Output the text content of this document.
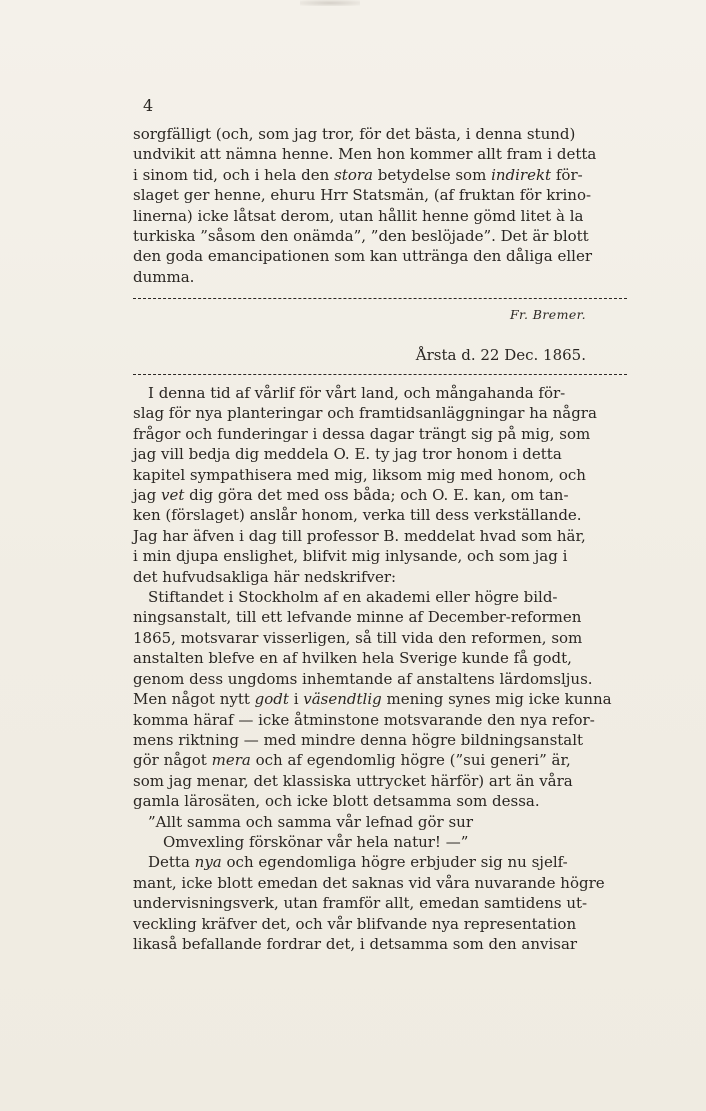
4
sorgfälligt (och, som jag tror, för det bästa, i denna stund)
undvikit att nämna henne. Men hon kommer allt fram i detta
i sinom tid, och i hela den stora betydelse som indirekt för-
slaget ger henne, ehuru Hrr Statsmän, (af fruktan för krino-
linerna) icke låtsat derom, utan hållit henne gömd litet à la
turkiska ”såsom den onämda”, ”den beslöjade”. Det är blott
den goda emancipationen som kan uttränga den dåliga eller
dumma.
Fr. Bremer.
Årsta d. 22 Dec. 1865.
 I denna tid af vårlif för vårt land, och mångahanda för-
slag för nya planteringar och framtidsanläggningar ha några
frågor och funderingar i dessa dagar trängt sig på mig, som
jag vill bedja dig meddela O. E. ty jag tror honom i detta
kapitel sympathisera med mig, liksom mig med honom, och
jag vet dig göra det med oss båda; och O. E. kan, om tan-
ken (förslaget) anslår honom, verka till dess verkställande.
Jag har äfven i dag till professor B. meddelat hvad som här,
i min djupa enslighet, blifvit mig inlysande, och som jag i
det hufvudsakliga här nedskrifver:
 Stiftandet i Stockholm af en akademi eller högre bild-
ningsanstalt, till ett lefvande minne af December-reformen
1865, motsvarar visserligen, så till vida den reformen, som
anstalten blefve en af hvilken hela Sverige kunde få godt,
genom dess ungdoms inhemtande af anstaltens lärdomsljus.
Men något nytt godt i väsendtlig mening synes mig icke kunna
komma häraf — icke åtminstone motsvarande den nya refor-
mens riktning — med mindre denna högre bildningsanstalt
gör något mera och af egendomlig högre (”sui generi” är,
som jag menar, det klassiska uttrycket härför) art än våra
gamla lärosäten, och icke blott detsamma som dessa.
 ”Allt samma och samma vår lefnad gör sur
  Omvexling förskönar vår hela natur! —”
 Detta nya och egendomliga högre erbjuder sig nu sjelf-
mant, icke blott emedan det saknas vid våra nuvarande högre
undervisningsverk, utan framför allt, emedan samtidens ut-
veckling kräfver det, och vår blifvande nya representation
likaså befallande fordrar det, i detsamma som den anvisar
